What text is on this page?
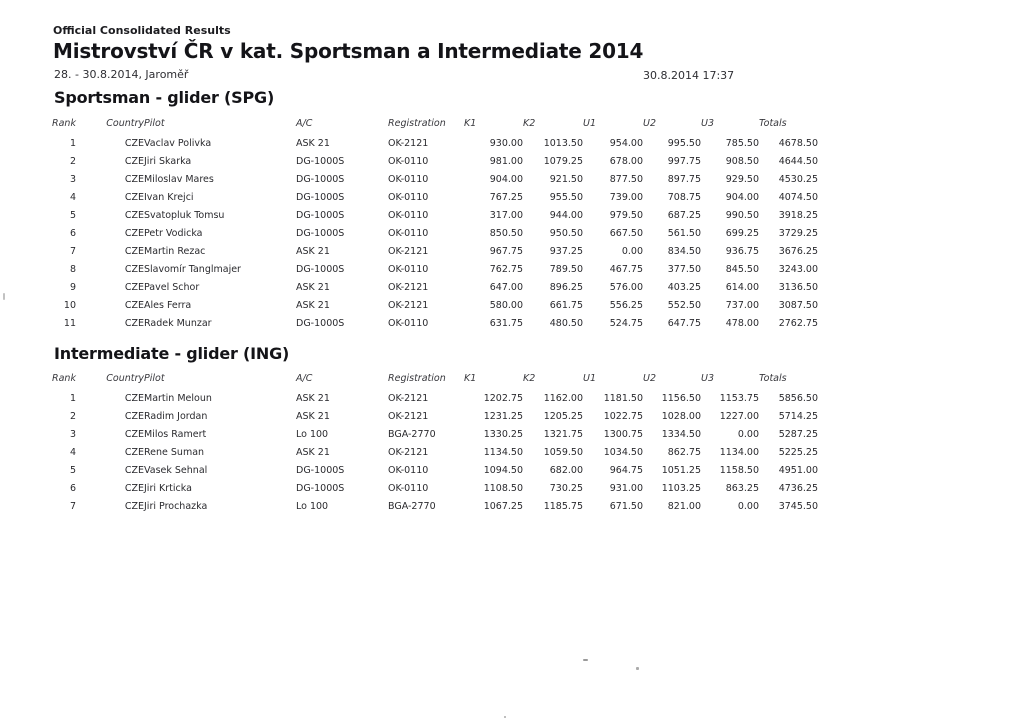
Official Consolidated Results
Mistrovství ČR v kat. Sportsman a Intermediate 2014
28. - 30.8.2014, Jaroměř	30.8.2014 17:37
Sportsman - glider (SPG)
Rank	Country	Pilot	A/C	Registration	K1	K2	U1	U2	U3	Totals
1	CZE	Vaclav Polivka	ASK 21	OK-2121	930.00	1013.50	954.00	995.50	785.50	4678.50
2	CZE	Jiri Skarka	DG-1000S	OK-0110	981.00	1079.25	678.00	997.75	908.50	4644.50
3	CZE	Miloslav Mares	DG-1000S	OK-0110	904.00	921.50	877.50	897.75	929.50	4530.25
4	CZE	Ivan Krejci	DG-1000S	OK-0110	767.25	955.50	739.00	708.75	904.00	4074.50
5	CZE	Svatopluk Tomsu	DG-1000S	OK-0110	317.00	944.00	979.50	687.25	990.50	3918.25
6	CZE	Petr Vodicka	DG-1000S	OK-0110	850.50	950.50	667.50	561.50	699.25	3729.25
7	CZE	Martin Rezac	ASK 21	OK-2121	967.75	937.25	0.00	834.50	936.75	3676.25
8	CZE	Slavomír Tanglmajer	DG-1000S	OK-0110	762.75	789.50	467.75	377.50	845.50	3243.00
9	CZE	Pavel Schor	ASK 21	OK-2121	647.00	896.25	576.00	403.25	614.00	3136.50
10	CZE	Ales Ferra	ASK 21	OK-2121	580.00	661.75	556.25	552.50	737.00	3087.50
11	CZE	Radek Munzar	DG-1000S	OK-0110	631.75	480.50	524.75	647.75	478.00	2762.75
Intermediate - glider (ING)
Rank	Country	Pilot	A/C	Registration	K1	K2	U1	U2	U3	Totals
1	CZE	Martin Meloun	ASK 21	OK-2121	1202.75	1162.00	1181.50	1156.50	1153.75	5856.50
2	CZE	Radim Jordan	ASK 21	OK-2121	1231.25	1205.25	1022.75	1028.00	1227.00	5714.25
3	CZE	Milos Ramert	Lo 100	BGA-2770	1330.25	1321.75	1300.75	1334.50	0.00	5287.25
4	CZE	Rene Suman	ASK 21	OK-2121	1134.50	1059.50	1034.50	862.75	1134.00	5225.25
5	CZE	Vasek Sehnal	DG-1000S	OK-0110	1094.50	682.00	964.75	1051.25	1158.50	4951.00
6	CZE	Jiri Krticka	DG-1000S	OK-0110	1108.50	730.25	931.00	1103.25	863.25	4736.25
7	CZE	Jiri Prochazka	Lo 100	BGA-2770	1067.25	1185.75	671.50	821.00	0.00	3745.50
